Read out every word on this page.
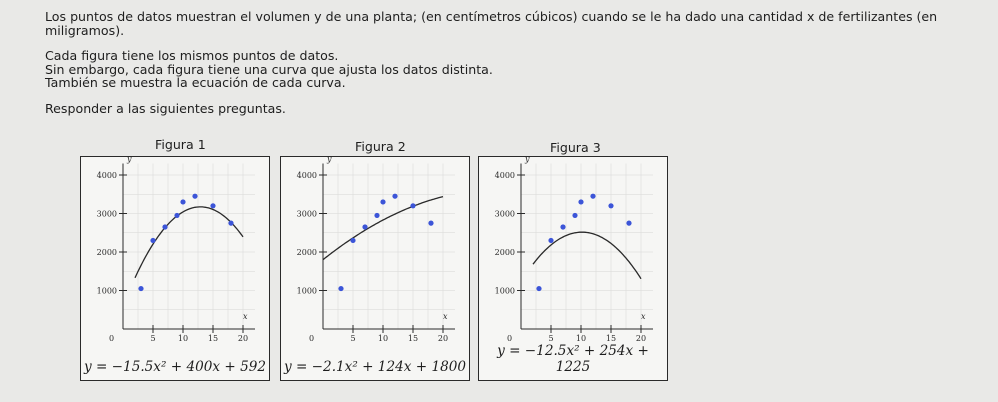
Los puntos de datos muestran el volumen y de una planta; (en centímetros cúbicos) cuando se le ha dado una cantidad x de fertilizantes (en miligramos).

Cada figura tiene los mismos puntos de datos.

Sin embargo, cada figura tiene una curva que ajusta los datos distinta.

También se muestra la ecuación de cada curva.

Responder a las siguientes preguntas.

Figura 1	Figura 2	Figura 3
y
x
0
1000
2000
3000
4000
5	10 15 20
y = −15.5x² + 400x + 592
y
x
0
1000
2000
3000
4000
5	10 15 20
y = −2.1x² + 124x + 1800
y
x
0
1000
2000
3000
4000
5	10 15 20
y = −12.5x² + 254x + 1225
